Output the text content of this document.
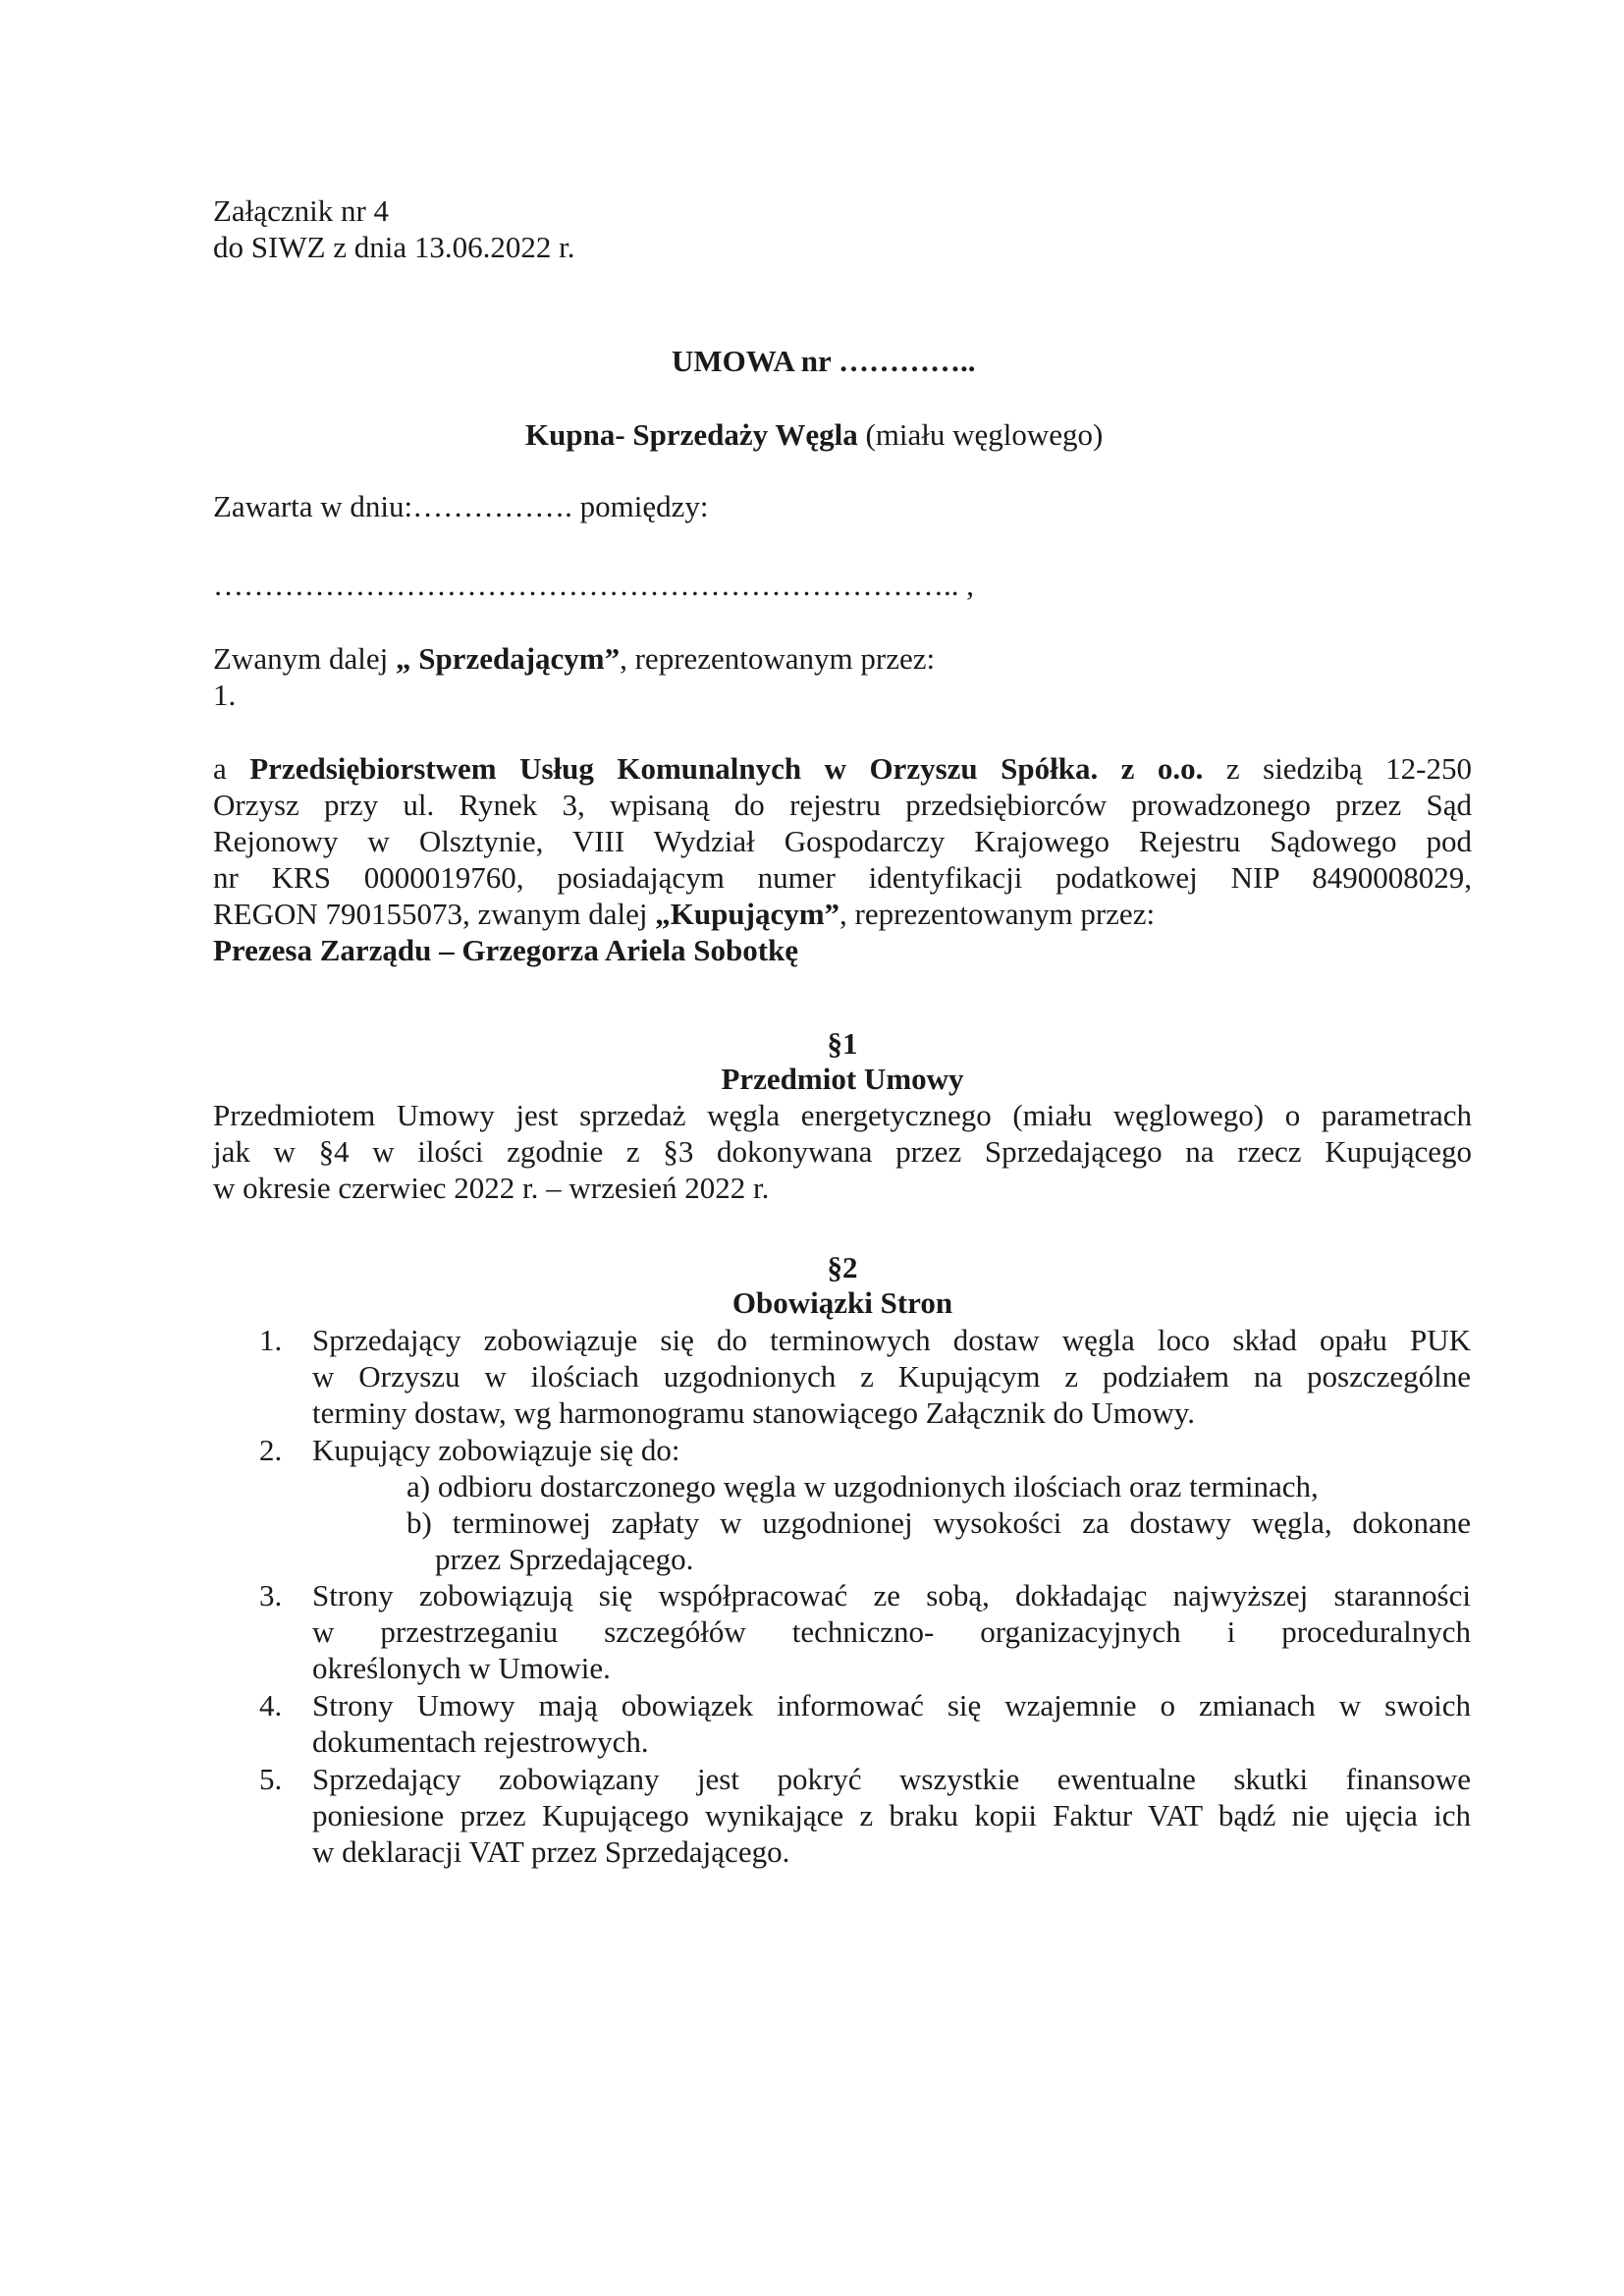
Załącznik nr 4
do SIWZ z dnia 13.06.2022 r.
UMOWA nr …………..
Kupna- Sprzedaży Węgla (miału węglowego)
Zawarta w dniu:……………. pomiędzy:
……………………………………………………………….. ,
Zwanym dalej „ Sprzedającym”, reprezentowanym przez:
1.
a Przedsiębiorstwem Usług Komunalnych w Orzyszu Spółka. z o.o. z siedzibą 12-250
Orzysz przy ul. Rynek 3, wpisaną do rejestru przedsiębiorców prowadzonego przez Sąd
Rejonowy w Olsztynie, VIII Wydział Gospodarczy Krajowego Rejestru Sądowego pod
nr KRS 0000019760, posiadającym numer identyfikacji podatkowej NIP 8490008029,
REGON 790155073, zwanym dalej „Kupującym”, reprezentowanym przez:
Prezesa Zarządu – Grzegorza Ariela Sobotkę
§1
Przedmiot Umowy
Przedmiotem Umowy jest sprzedaż węgla energetycznego (miału węglowego) o parametrach
jak w §4 w ilości zgodnie z §3 dokonywana przez Sprzedającego na rzecz Kupującego
w okresie czerwiec 2022 r. – wrzesień 2022 r.
§2
Obowiązki Stron
1. Sprzedający zobowiązuje się do terminowych dostaw węgla loco skład opału PUK
w Orzyszu w ilościach uzgodnionych z Kupującym z podziałem na poszczególne
terminy dostaw, wg harmonogramu stanowiącego Załącznik do Umowy.
2. Kupujący zobowiązuje się do:
a) odbioru dostarczonego węgla w uzgodnionych ilościach oraz terminach,
b) terminowej zapłaty w uzgodnionej wysokości za dostawy węgla, dokonane
przez Sprzedającego.
3. Strony zobowiązują się współpracować ze sobą, dokładając najwyższej staranności
w przestrzeganiu szczegółów techniczno- organizacyjnych i proceduralnych
określonych w Umowie.
4. Strony Umowy mają obowiązek informować się wzajemnie o zmianach w swoich
dokumentach rejestrowych.
5. Sprzedający zobowiązany jest pokryć wszystkie ewentualne skutki finansowe
poniesione przez Kupującego wynikające z braku kopii Faktur VAT bądź nie ujęcia ich
w deklaracji VAT przez Sprzedającego.
